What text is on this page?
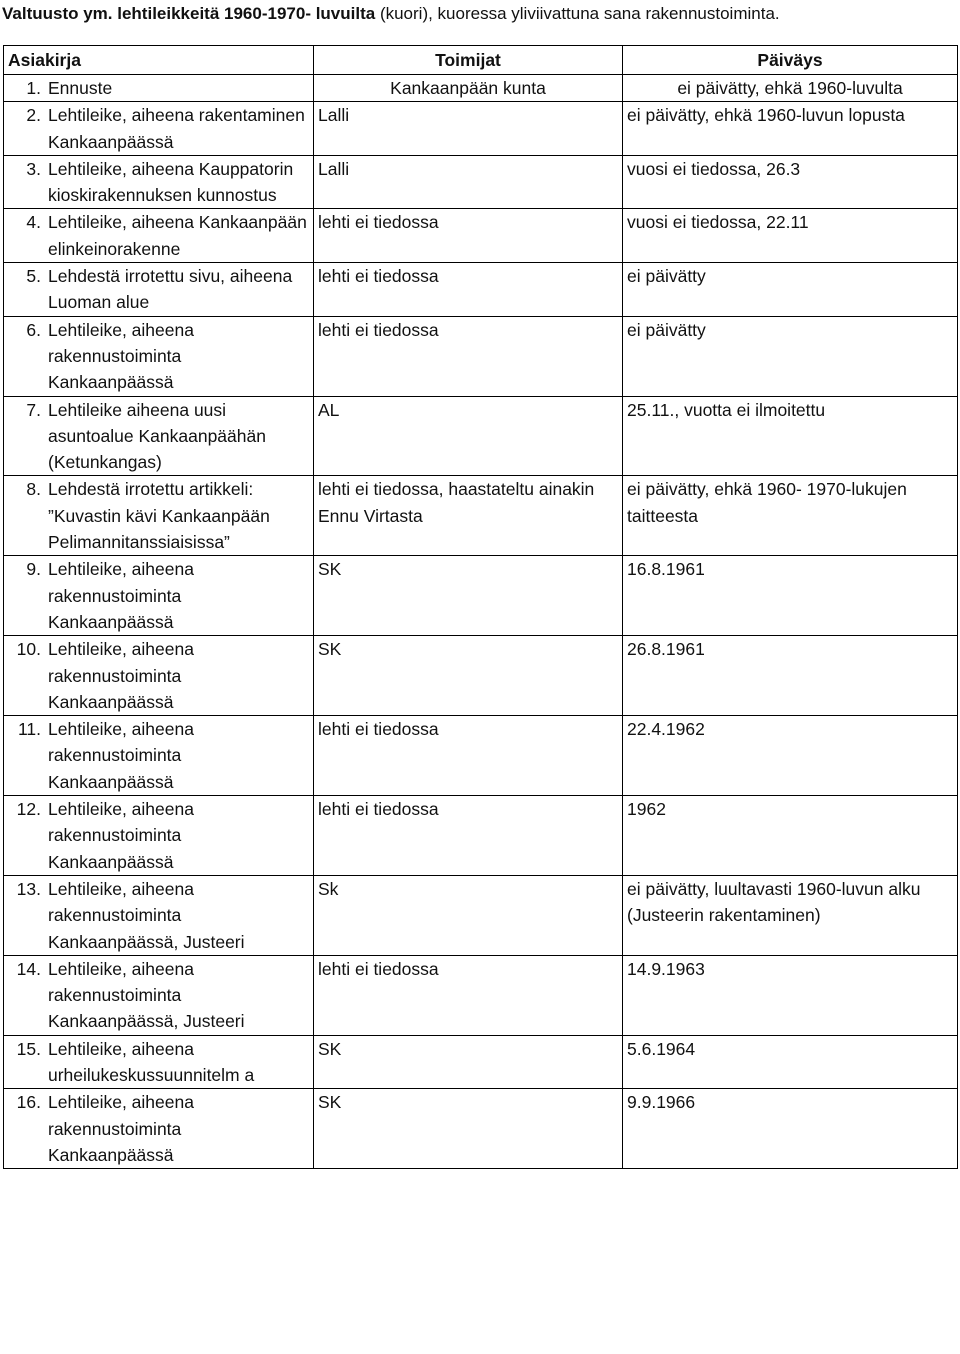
Valtuusto ym. lehtileikkeitä 1960-1970- luvuilta (kuori), kuoressa yliviivattuna sana rakennustoiminta.
Asiakirja	Toimijat	Päiväys

1. Ennuste	Kankaanpään kunta	ei päivätty, ehkä 1960-luvulta

2. Lehtileike, aiheena rakentaminen Kankaanpäässä	Lalli	ei päivätty, ehkä 1960-luvun lopusta

3. Lehtileike, aiheena Kauppatorin kioskirakennuksen kunnostus	Lalli	vuosi ei tiedossa, 26.3

4. Lehtileike, aiheena Kankaanpään elinkeinorakenne	lehti ei tiedossa	vuosi ei tiedossa, 22.11

5. Lehdestä irrotettu sivu, aiheena Luoman alue	lehti ei tiedossa	ei päivätty

6. Lehtileike, aiheena rakennustoiminta Kankaanpäässä	lehti ei tiedossa	ei päivätty

7. Lehtileike aiheena uusi asuntoalue Kankaanpäähän (Ketunkangas)	AL	25.11., vuotta ei ilmoitettu

8. Lehdestä irrotettu artikkeli: ”Kuvastin kävi Kankaanpään Pelimannitanssiaisissa”	lehti ei tiedossa, haastateltu ainakin Ennu Virtasta	ei päivätty, ehkä 1960- 1970-lukujen taitteesta

9. Lehtileike, aiheena rakennustoiminta Kankaanpäässä	SK	16.8.1961

10. Lehtileike, aiheena rakennustoiminta Kankaanpäässä	SK	26.8.1961

11. Lehtileike, aiheena rakennustoiminta Kankaanpäässä	lehti ei tiedossa	22.4.1962

12. Lehtileike, aiheena rakennustoiminta Kankaanpäässä	lehti ei tiedossa	1962

13. Lehtileike, aiheena rakennustoiminta Kankaanpäässä, Justeeri	Sk	ei päivätty, luultavasti 1960-luvun alku (Justeerin rakentaminen)

14. Lehtileike, aiheena rakennustoiminta Kankaanpäässä, Justeeri	lehti ei tiedossa	14.9.1963

15. Lehtileike, aiheena urheilukeskussuunnitelm a	SK	5.6.1964

16. Lehtileike, aiheena rakennustoiminta Kankaanpäässä	SK	9.9.1966
